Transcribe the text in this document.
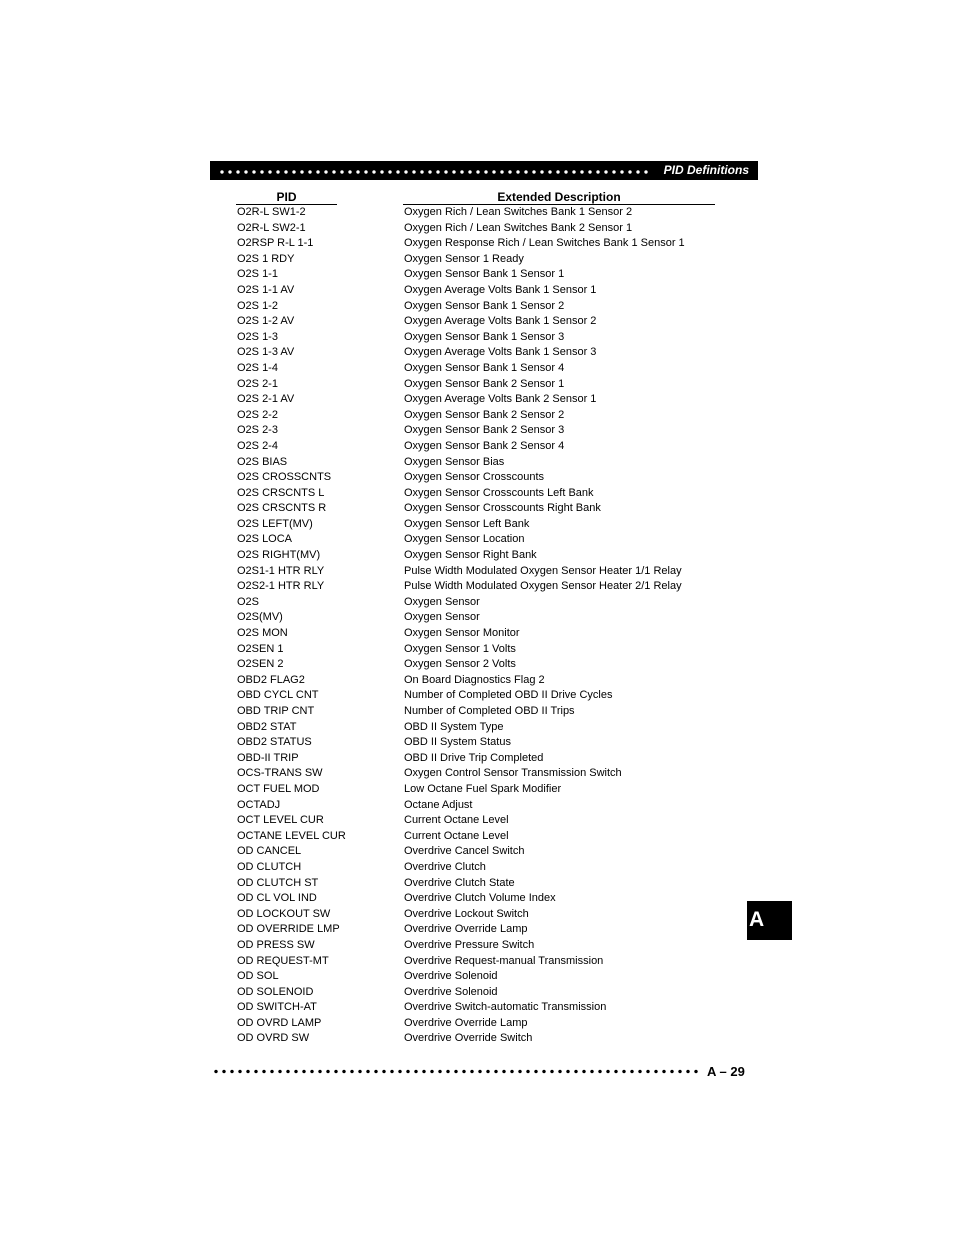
PID Definitions
PID	Extended Description
O2R-L SW1-2	Oxygen Rich / Lean Switches Bank 1 Sensor 2
O2R-L SW2-1	Oxygen Rich / Lean Switches Bank 2 Sensor 1
O2RSP R-L 1-1	Oxygen Response Rich / Lean Switches Bank 1 Sensor 1
O2S 1 RDY	Oxygen Sensor 1 Ready
O2S 1-1	Oxygen Sensor Bank 1 Sensor 1
O2S 1-1 AV	Oxygen Average Volts Bank 1 Sensor 1
O2S 1-2	Oxygen Sensor Bank 1 Sensor 2
O2S 1-2 AV	Oxygen Average Volts Bank 1 Sensor 2
O2S 1-3	Oxygen Sensor Bank 1 Sensor 3
O2S 1-3 AV	Oxygen Average Volts Bank 1 Sensor 3
O2S 1-4	Oxygen Sensor Bank 1 Sensor 4
O2S 2-1	Oxygen Sensor Bank 2 Sensor 1
O2S 2-1 AV	Oxygen Average Volts Bank 2 Sensor 1
O2S 2-2	Oxygen Sensor Bank 2 Sensor 2
O2S 2-3	Oxygen Sensor Bank 2 Sensor 3
O2S 2-4	Oxygen Sensor Bank 2 Sensor 4
O2S BIAS	Oxygen Sensor Bias
O2S CROSSCNTS	Oxygen Sensor Crosscounts
O2S CRSCNTS L	Oxygen Sensor Crosscounts Left Bank
O2S CRSCNTS R	Oxygen Sensor Crosscounts Right Bank
O2S LEFT(MV)	Oxygen Sensor Left Bank
O2S LOCA	Oxygen Sensor Location
O2S RIGHT(MV)	Oxygen Sensor Right Bank
O2S1-1 HTR RLY	Pulse Width Modulated Oxygen Sensor Heater 1/1 Relay
O2S2-1 HTR RLY	Pulse Width Modulated Oxygen Sensor Heater 2/1 Relay
O2S	Oxygen Sensor
O2S(MV)	Oxygen Sensor
O2S MON	Oxygen Sensor Monitor
O2SEN 1	Oxygen Sensor 1 Volts
O2SEN 2	Oxygen Sensor 2 Volts
OBD2 FLAG2	On Board Diagnostics Flag 2
OBD CYCL CNT	Number of Completed OBD II Drive Cycles
OBD TRIP CNT	Number of Completed OBD II Trips
OBD2 STAT	OBD II System Type
OBD2 STATUS	OBD II System Status
OBD-II TRIP	OBD II Drive Trip Completed
OCS-TRANS SW	Oxygen Control Sensor Transmission Switch
OCT FUEL MOD	Low Octane Fuel Spark Modifier
OCTADJ	Octane Adjust
OCT LEVEL CUR	Current Octane Level
OCTANE LEVEL CUR	Current Octane Level
OD CANCEL	Overdrive Cancel Switch
OD CLUTCH	Overdrive Clutch
OD CLUTCH ST	Overdrive Clutch State
OD CL VOL IND	Overdrive Clutch Volume Index
OD LOCKOUT SW	Overdrive Lockout Switch
OD OVERRIDE LMP	Overdrive Override Lamp
OD PRESS SW	Overdrive Pressure Switch
OD REQUEST-MT	Overdrive Request-manual Transmission
OD SOL	Overdrive Solenoid
OD SOLENOID	Overdrive Solenoid
OD SWITCH-AT	Overdrive Switch-automatic Transmission
OD OVRD LAMP	Overdrive Override Lamp
OD OVRD SW	Overdrive Override Switch
A
A – 29
